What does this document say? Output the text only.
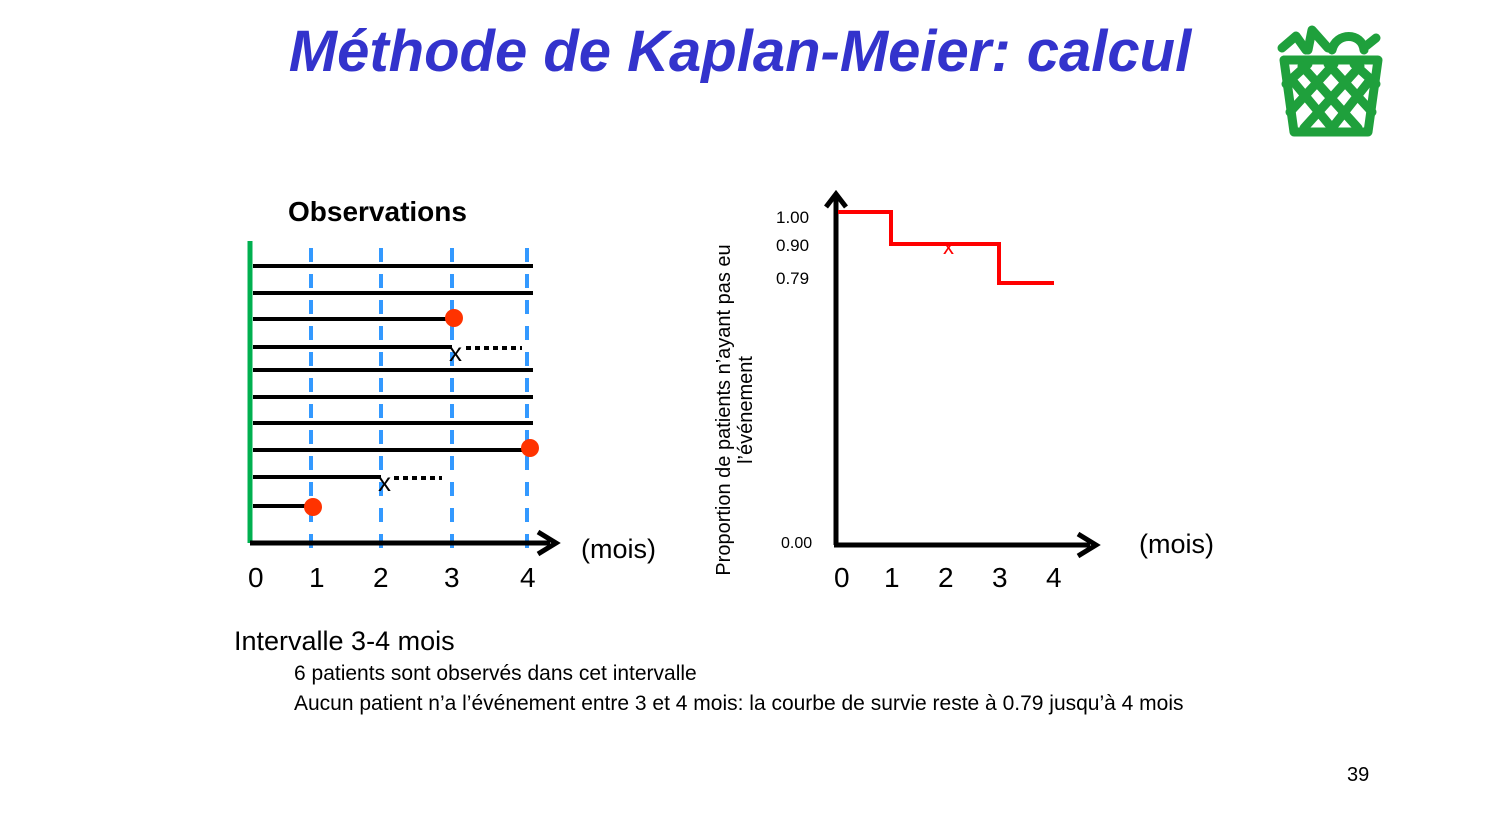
Méthode de Kaplan-Meier: calcul
Observations
x
x
x
0 1 2 3 4
(mois)	Proportion de patients n’ayant pas eu l’événement
1.00
0.90
0.79
0.00
0 1 2 3 4
(mois)
Intervalle 3-4 mois
6 patients sont observés dans cet intervalle
Aucun patient n’a l’événement entre 3 et 4 mois: la courbe de survie reste à 0.79 jusqu’à 4 mois
39
